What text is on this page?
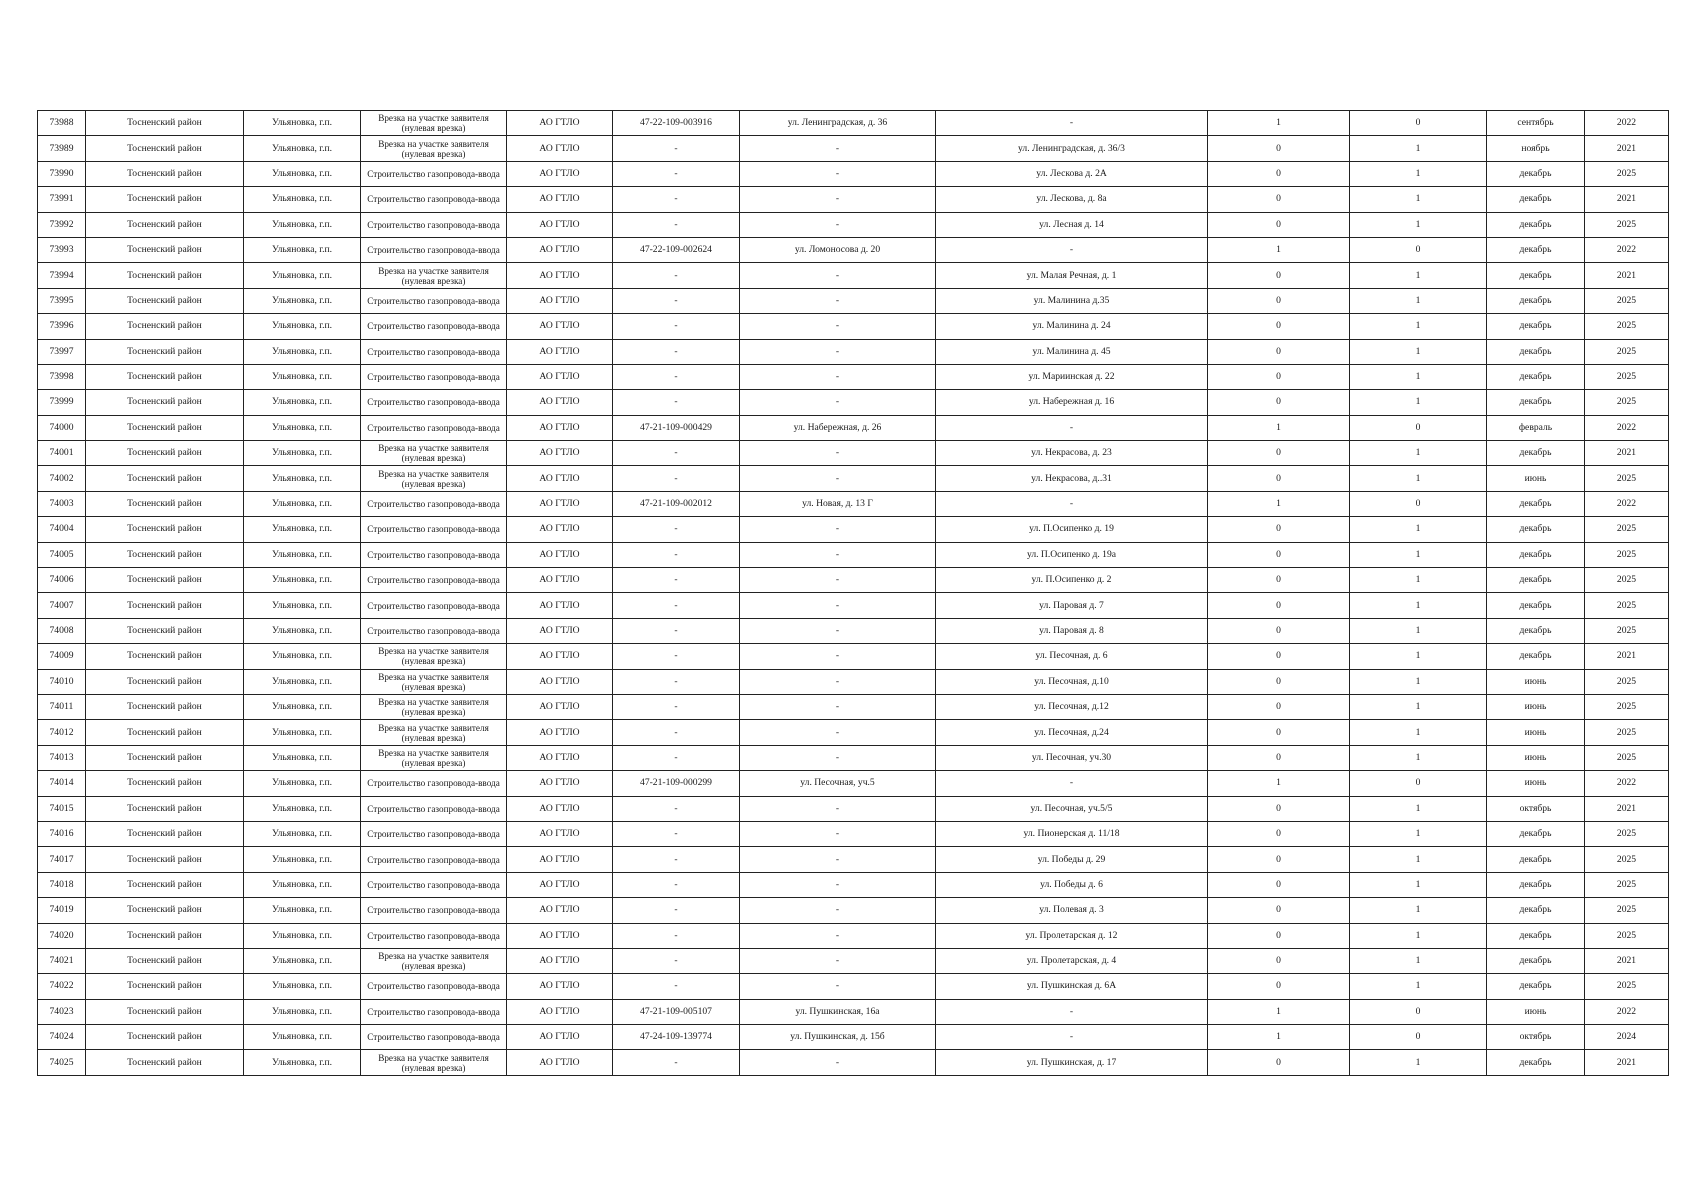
73988	Тосненский район	Ульяновка, г.п.	Врезка на участке заявителя (нулевая врезка)	АО ГТЛО	47-22-109-003916	ул. Ленинградская, д. 36	-	1	0	сентябрь	2022
73989	Тосненский район	Ульяновка, г.п.	Врезка на участке заявителя (нулевая врезка)	АО ГТЛО	-	-	ул. Ленинградская, д. 36/3	0	1	ноябрь	2021
73990	Тосненский район	Ульяновка, г.п.	Строительство газопровода-ввода	АО ГТЛО	-	-	ул. Лескова д. 2А	0	1	декабрь	2025
73991	Тосненский район	Ульяновка, г.п.	Строительство газопровода-ввода	АО ГТЛО	-	-	ул. Лескова, д. 8а	0	1	декабрь	2021
73992	Тосненский район	Ульяновка, г.п.	Строительство газопровода-ввода	АО ГТЛО	-	-	ул. Лесная д. 14	0	1	декабрь	2025
73993	Тосненский район	Ульяновка, г.п.	Строительство газопровода-ввода	АО ГТЛО	47-22-109-002624	ул. Ломоносова д. 20	-	1	0	декабрь	2022
73994	Тосненский район	Ульяновка, г.п.	Врезка на участке заявителя (нулевая врезка)	АО ГТЛО	-	-	ул. Малая Речная, д. 1	0	1	декабрь	2021
73995	Тосненский район	Ульяновка, г.п.	Строительство газопровода-ввода	АО ГТЛО	-	-	ул. Малинина д.35	0	1	декабрь	2025
73996	Тосненский район	Ульяновка, г.п.	Строительство газопровода-ввода	АО ГТЛО	-	-	ул. Малинина д. 24	0	1	декабрь	2025
73997	Тосненский район	Ульяновка, г.п.	Строительство газопровода-ввода	АО ГТЛО	-	-	ул. Малинина д. 45	0	1	декабрь	2025
73998	Тосненский район	Ульяновка, г.п.	Строительство газопровода-ввода	АО ГТЛО	-	-	ул. Мариинская д. 22	0	1	декабрь	2025
73999	Тосненский район	Ульяновка, г.п.	Строительство газопровода-ввода	АО ГТЛО	-	-	ул. Набережная д. 16	0	1	декабрь	2025
74000	Тосненский район	Ульяновка, г.п.	Строительство газопровода-ввода	АО ГТЛО	47-21-109-000429	ул. Набережная, д. 26	-	1	0	февраль	2022
74001	Тосненский район	Ульяновка, г.п.	Врезка на участке заявителя (нулевая врезка)	АО ГТЛО	-	-	ул. Некрасова, д. 23	0	1	декабрь	2021
74002	Тосненский район	Ульяновка, г.п.	Врезка на участке заявителя (нулевая врезка)	АО ГТЛО	-	-	ул. Некрасова, д..31	0	1	июнь	2025
74003	Тосненский район	Ульяновка, г.п.	Строительство газопровода-ввода	АО ГТЛО	47-21-109-002012	ул. Новая, д. 13 Г	-	1	0	декабрь	2022
74004	Тосненский район	Ульяновка, г.п.	Строительство газопровода-ввода	АО ГТЛО	-	-	ул. П.Осипенко д. 19	0	1	декабрь	2025
74005	Тосненский район	Ульяновка, г.п.	Строительство газопровода-ввода	АО ГТЛО	-	-	ул. П.Осипенко д. 19а	0	1	декабрь	2025
74006	Тосненский район	Ульяновка, г.п.	Строительство газопровода-ввода	АО ГТЛО	-	-	ул. П.Осипенко д. 2	0	1	декабрь	2025
74007	Тосненский район	Ульяновка, г.п.	Строительство газопровода-ввода	АО ГТЛО	-	-	ул. Паровая д. 7	0	1	декабрь	2025
74008	Тосненский район	Ульяновка, г.п.	Строительство газопровода-ввода	АО ГТЛО	-	-	ул. Паровая д. 8	0	1	декабрь	2025
74009	Тосненский район	Ульяновка, г.п.	Врезка на участке заявителя (нулевая врезка)	АО ГТЛО	-	-	ул. Песочная, д. 6	0	1	декабрь	2021
74010	Тосненский район	Ульяновка, г.п.	Врезка на участке заявителя (нулевая врезка)	АО ГТЛО	-	-	ул. Песочная, д.10	0	1	июнь	2025
74011	Тосненский район	Ульяновка, г.п.	Врезка на участке заявителя (нулевая врезка)	АО ГТЛО	-	-	ул. Песочная, д.12	0	1	июнь	2025
74012	Тосненский район	Ульяновка, г.п.	Врезка на участке заявителя (нулевая врезка)	АО ГТЛО	-	-	ул. Песочная, д.24	0	1	июнь	2025
74013	Тосненский район	Ульяновка, г.п.	Врезка на участке заявителя (нулевая врезка)	АО ГТЛО	-	-	ул. Песочная, уч.30	0	1	июнь	2025
74014	Тосненский район	Ульяновка, г.п.	Строительство газопровода-ввода	АО ГТЛО	47-21-109-000299	ул. Песочная, уч.5	-	1	0	июнь	2022
74015	Тосненский район	Ульяновка, г.п.	Строительство газопровода-ввода	АО ГТЛО	-	-	ул. Песочная, уч.5/5	0	1	октябрь	2021
74016	Тосненский район	Ульяновка, г.п.	Строительство газопровода-ввода	АО ГТЛО	-	-	ул. Пионерская д. 11/18	0	1	декабрь	2025
74017	Тосненский район	Ульяновка, г.п.	Строительство газопровода-ввода	АО ГТЛО	-	-	ул. Победы д. 29	0	1	декабрь	2025
74018	Тосненский район	Ульяновка, г.п.	Строительство газопровода-ввода	АО ГТЛО	-	-	ул. Победы д. 6	0	1	декабрь	2025
74019	Тосненский район	Ульяновка, г.п.	Строительство газопровода-ввода	АО ГТЛО	-	-	ул. Полевая д. 3	0	1	декабрь	2025
74020	Тосненский район	Ульяновка, г.п.	Строительство газопровода-ввода	АО ГТЛО	-	-	ул. Пролетарская д. 12	0	1	декабрь	2025
74021	Тосненский район	Ульяновка, г.п.	Врезка на участке заявителя (нулевая врезка)	АО ГТЛО	-	-	ул. Пролетарская, д. 4	0	1	декабрь	2021
74022	Тосненский район	Ульяновка, г.п.	Строительство газопровода-ввода	АО ГТЛО	-	-	ул. Пушкинская д. 6А	0	1	декабрь	2025
74023	Тосненский район	Ульяновка, г.п.	Строительство газопровода-ввода	АО ГТЛО	47-21-109-005107	ул. Пушкинская, 16а	-	1	0	июнь	2022
74024	Тосненский район	Ульяновка, г.п.	Строительство газопровода-ввода	АО ГТЛО	47-24-109-139774	ул. Пушкинская, д. 15б	-	1	0	октябрь	2024
74025	Тосненский район	Ульяновка, г.п.	Врезка на участке заявителя (нулевая врезка)	АО ГТЛО	-	-	ул. Пушкинская, д. 17	0	1	декабрь	2021
